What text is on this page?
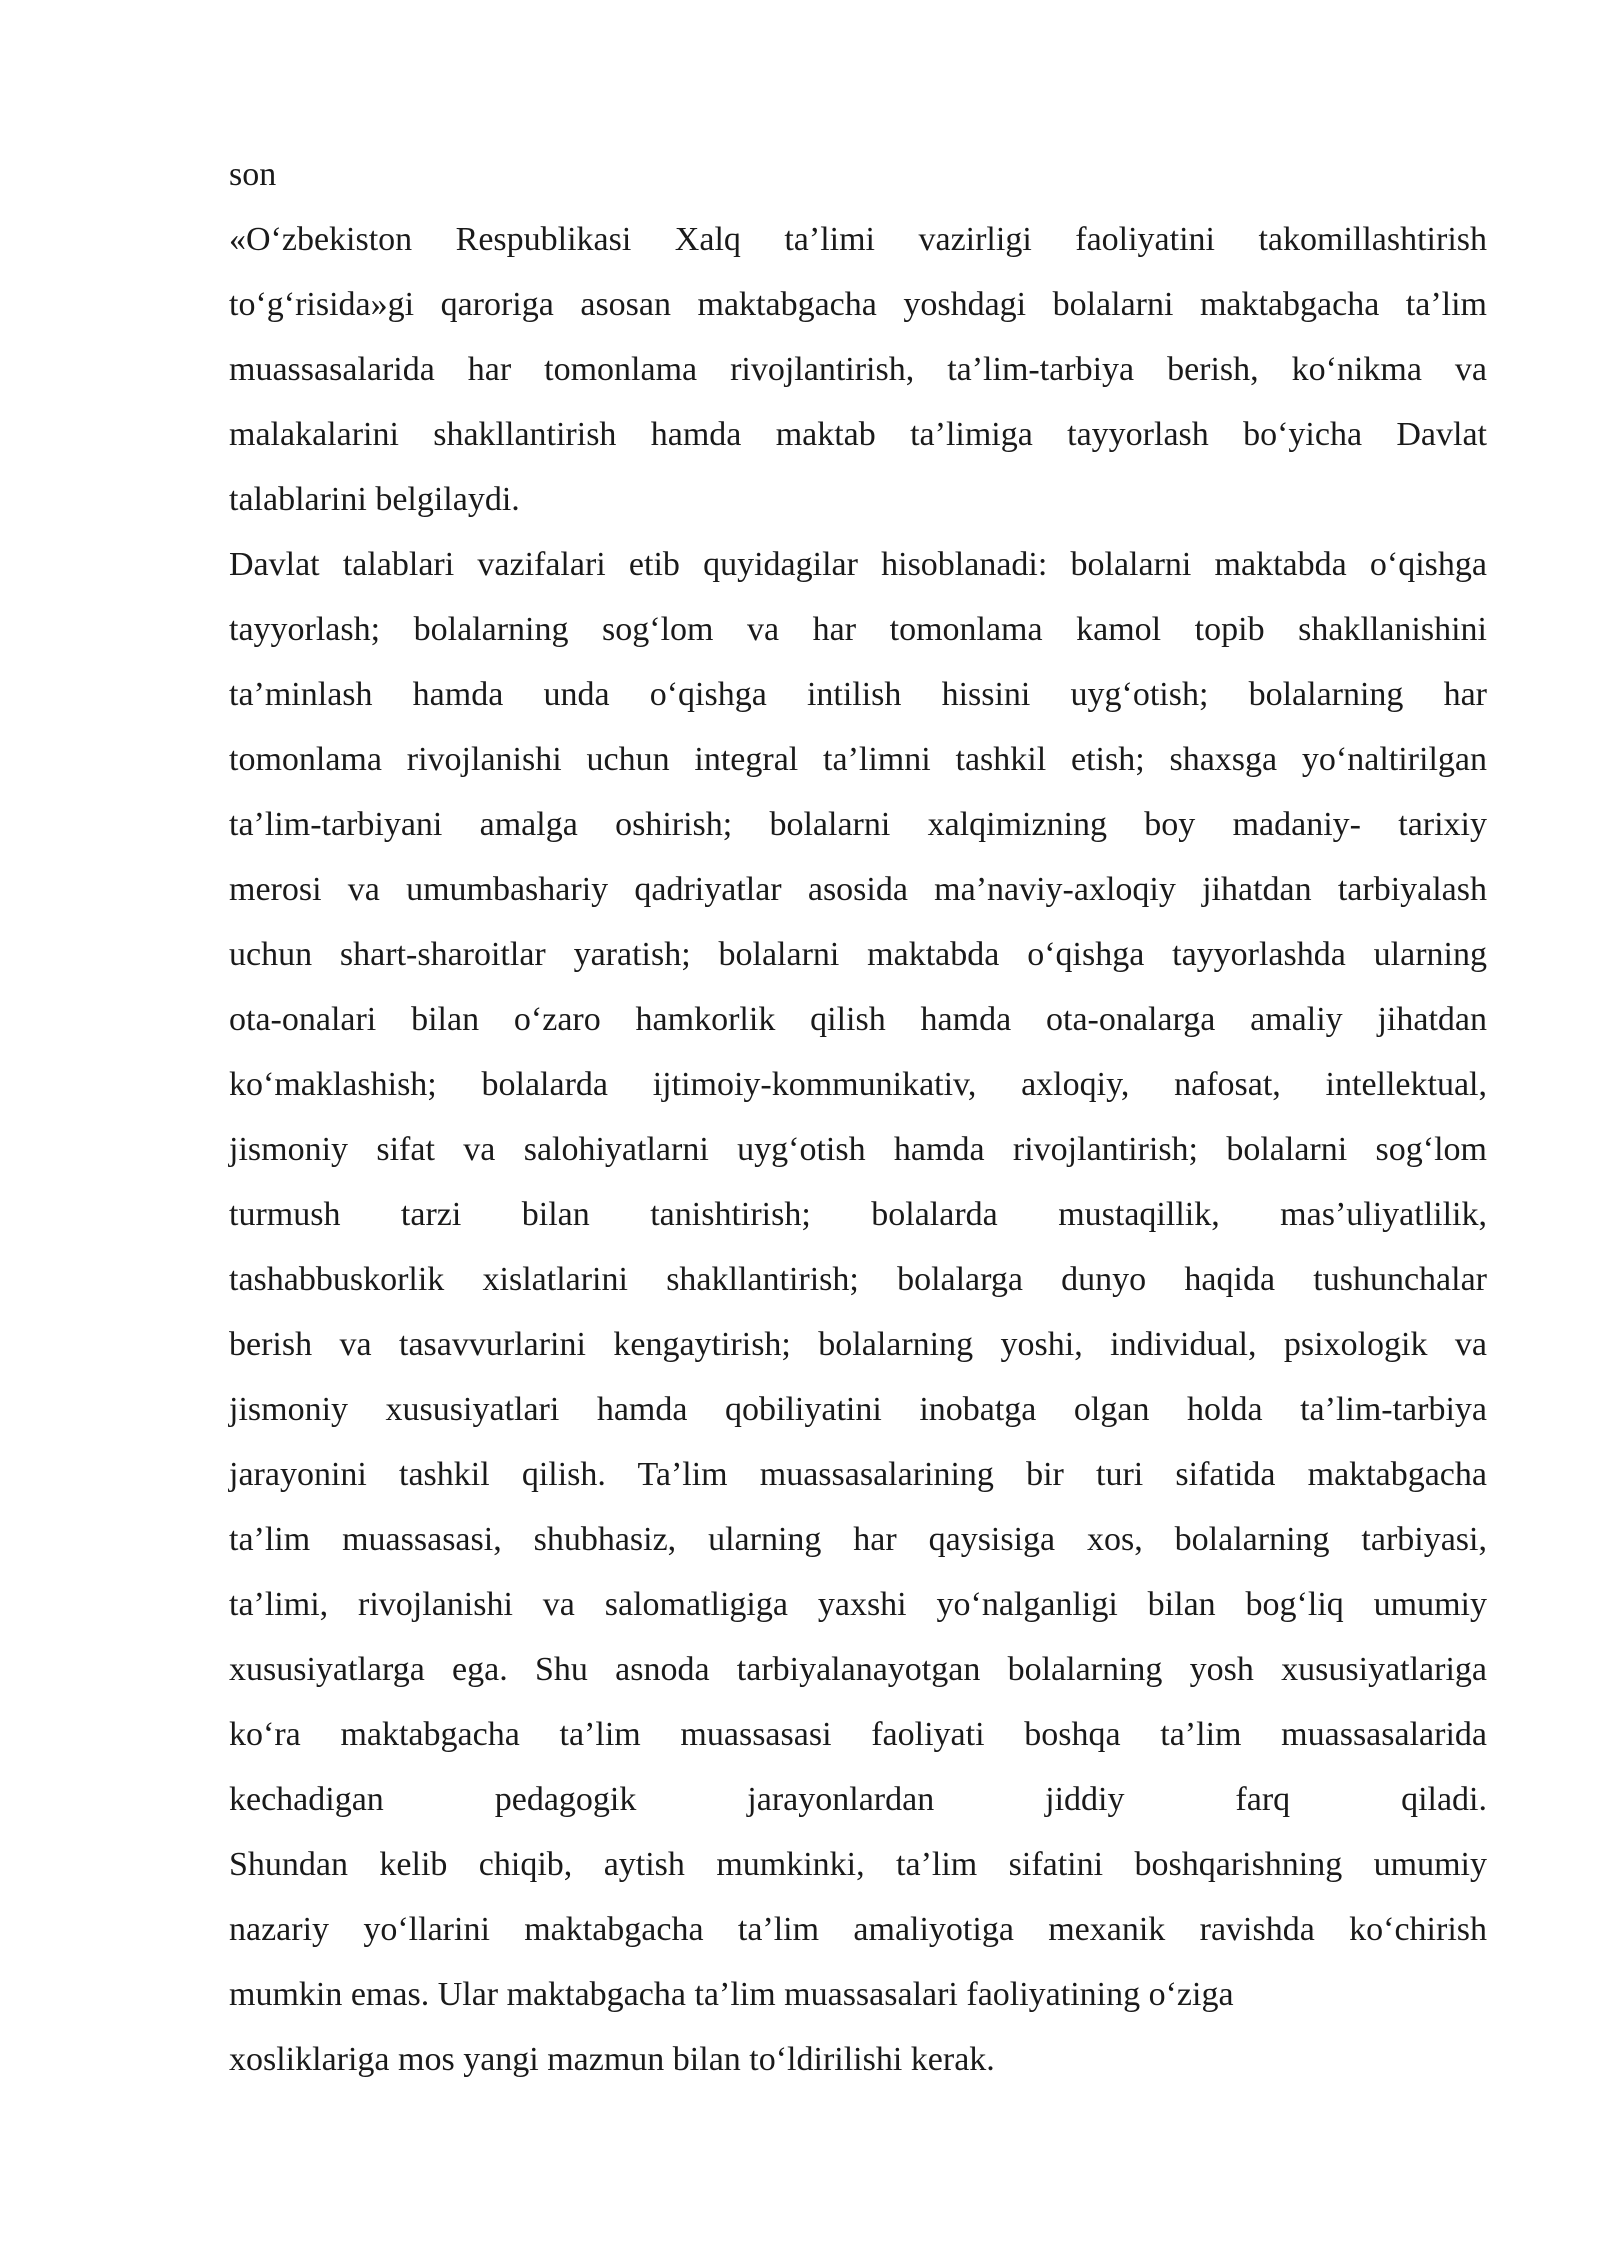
son
«O‘zbekiston Respublikasi Xalq ta’limi vazirligi faoliyatini takomillashtirish
to‘g‘risida»gi qaroriga asosan maktabgacha yoshdagi bolalarni maktabgacha ta’lim
muassasalarida har tomonlama rivojlantirish, ta’lim-tarbiya berish, ko‘nikma va
malakalarini shakllantirish hamda maktab ta’limiga tayyorlash bo‘yicha Davlat
talablarini belgilaydi.
Davlat talablari vazifalari etib quyidagilar hisoblanadi: bolalarni maktabda o‘qishga
tayyorlash; bolalarning sog‘lom va har tomonlama kamol topib shakllanishini
ta’minlash hamda unda o‘qishga intilish hissini uyg‘otish; bolalarning har
tomonlama rivojlanishi uchun integral ta’limni tashkil etish; shaxsga yo‘naltirilgan
ta’lim-tarbiyani amalga oshirish; bolalarni xalqimizning boy madaniy- tarixiy
merosi va umumbashariy qadriyatlar asosida ma’naviy-axloqiy jihatdan tarbiyalash
uchun shart-sharoitlar yaratish; bolalarni maktabda o‘qishga tayyorlashda ularning
ota-onalari bilan o‘zaro hamkorlik qilish hamda ota-onalarga amaliy jihatdan
ko‘maklashish; bolalarda ijtimoiy-kommunikativ, axloqiy, nafosat, intellektual,
jismoniy sifat va salohiyatlarni uyg‘otish hamda rivojlantirish; bolalarni sog‘lom
turmush tarzi bilan tanishtirish; bolalarda mustaqillik, mas’uliyatlilik,
tashabbuskorlik xislatlarini shakllantirish; bolalarga dunyo haqida tushunchalar
berish va tasavvurlarini kengaytirish; bolalarning yoshi, individual, psixologik va
jismoniy xususiyatlari hamda qobiliyatini inobatga olgan holda ta’lim-tarbiya
jarayonini tashkil qilish. Ta’lim muassasalarining bir turi sifatida maktabgacha
ta’lim muassasasi, shubhasiz, ularning har qaysisiga xos, bolalarning tarbiyasi,
ta’limi, rivojlanishi va salomatligiga yaxshi yo‘nalganligi bilan bog‘liq umumiy
xususiyatlarga ega. Shu asnoda tarbiyalanayotgan bolalarning yosh xususiyatlariga
ko‘ra maktabgacha ta’lim muassasasi faoliyati boshqa ta’lim muassasalarida
kechadigan pedagogik jarayonlardan jiddiy farq qiladi.
Shundan kelib chiqib, aytish mumkinki, ta’lim sifatini boshqarishning umumiy
nazariy yo‘llarini maktabgacha ta’lim amaliyotiga mexanik ravishda ko‘chirish
mumkin emas. Ular maktabgacha ta’lim muassasalari faoliyatining o‘ziga
xosliklariga mos yangi mazmun bilan to‘ldirilishi kerak.
